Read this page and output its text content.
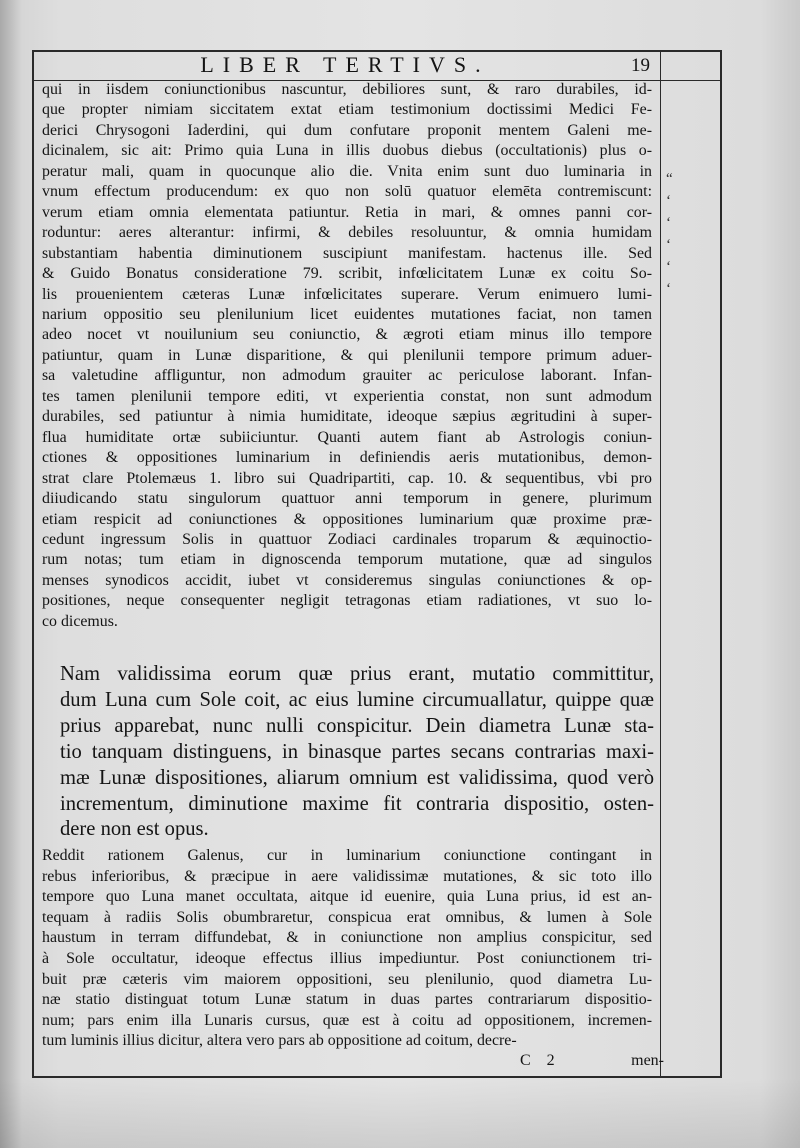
LIBER TERTIVS.	19
qui in iisdem coniunctionibus nascuntur, debiliores sunt, & raro durabiles, id-
que propter nimiam siccitatem extat etiam testimonium doctissimi Medici Fe-
derici Chrysogoni Iaderdini, qui dum confutare proponit mentem Galeni me-
dicinalem, sic ait: Primo quia Luna in illis duobus diebus (occultationis) plus o-
peratur mali, quam in quocunque alio die. Vnita enim sunt duo luminaria in
vnum effectum producendum: ex quo non solū quatuor elemēta contremiscunt:
verum etiam omnia elementata patiuntur. Retia in mari, & omnes panni cor-
roduntur: aeres alterantur: infirmi, & debiles resoluuntur, & omnia humidam
substantiam habentia diminutionem suscipiunt manifestam. hactenus ille. Sed
& Guido Bonatus consideratione 79. scribit, infœlicitatem Lunæ ex coitu So-
lis prouenientem cæteras Lunæ infœlicitates superare. Verum enimuero lumi-
narium oppositio seu plenilunium licet euidentes mutationes faciat, non tamen
adeo nocet vt nouilunium seu coniunctio, & ægroti etiam minus illo tempore
patiuntur, quam in Lunæ disparitione, & qui plenilunii tempore primum aduer-
sa valetudine affliguntur, non admodum grauiter ac periculose laborant. Infan-
tes tamen plenilunii tempore editi, vt experientia constat, non sunt admodum
durabiles, sed patiuntur à nimia humiditate, ideoque sæpius ægritudini à super-
flua humiditate ortæ subiiciuntur. Quanti autem fiant ab Astrologis coniun-
ctiones & oppositiones luminarium in definiendis aeris mutationibus, demon-
strat clare Ptolemæus 1. libro sui Quadripartiti, cap. 10. & sequentibus, vbi pro
diiudicando statu singulorum quattuor anni temporum in genere, plurimum
etiam respicit ad coniunctiones & oppositiones luminarium quæ proxime præ-
cedunt ingressum Solis in quattuor Zodiaci cardinales troparum & æquinoctio-
rum notas; tum etiam in dignoscenda temporum mutatione, quæ ad singulos
menses synodicos accidit, iubet vt consideremus singulas coniunctiones & op-
positiones, neque consequenter negligit tetragonas etiam radiationes, vt suo lo-
co dicemus.
Nam validissima eorum quæ prius erant, mutatio committitur,
dum Luna cum Sole coit, ac eius lumine circumuallatur, quippe quæ
prius apparebat, nunc nulli conspicitur. Dein diametra Lunæ sta-
tio tanquam distinguens, in binasque partes secans contrarias maxi-
mæ Lunæ dispositiones, aliarum omnium est validissima, quod verò
incrementum, diminutione maxime fit contraria dispositio, osten-
dere non est opus.
Reddit rationem Galenus, cur in luminarium coniunctione contingant in
rebus inferioribus, & præcipue in aere validissimæ mutationes, & sic toto illo
tempore quo Luna manet occultata, aitque id euenire, quia Luna prius, id est an-
tequam à radiis Solis obumbraretur, conspicua erat omnibus, & lumen à Sole
haustum in terram diffundebat, & in coniunctione non amplius conspicitur, sed
à Sole occultatur, ideoque effectus illius impediuntur. Post coniunctionem tri-
buit præ cæteris vim maiorem oppositioni, seu plenilunio, quod diametra Lu-
næ statio distinguat totum Lunæ statum in duas partes contrariarum dispositio-
num; pars enim illa Lunaris cursus, quæ est à coitu ad oppositionem, incremen-
tum luminis illius dicitur, altera vero pars ab oppositione ad coitum, decre-
“
‘
‘
‘
‘
‘
C 2	men-
